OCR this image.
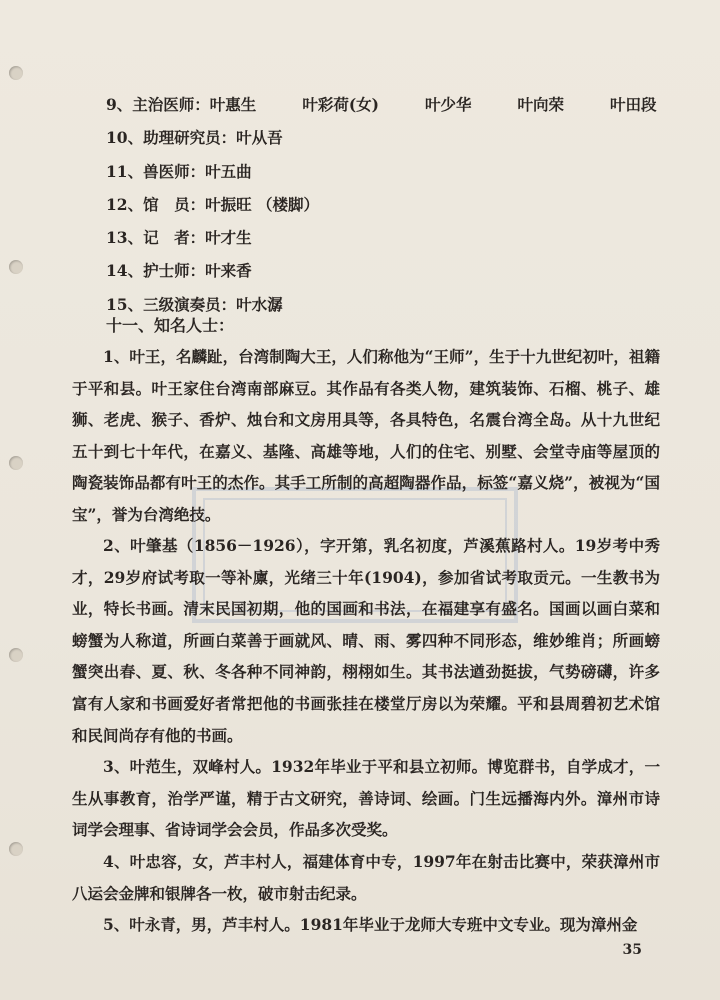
9、主治医师：叶惠生	叶彩荷(女)	叶少华	叶向荣	叶田段
10、助理研究员：叶从吾
11、兽医师：叶五曲
12、馆　员：叶振旺 （楼脚）
13、记　者：叶才生
14、护士师：叶来香
15、三级演奏员：叶水潺
十一、知名人士：
1、叶王，名麟趾，台湾制陶大王，人们称他为“王师”，生于十九世纪初叶，祖籍于平和县。叶王家住台湾南部麻豆。其作品有各类人物，建筑装饰、石榴、桃子、雄狮、老虎、猴子、香炉、烛台和文房用具等，各具特色，名震台湾全岛。从十九世纪五十到七十年代，在嘉义、基隆、高雄等地，人们的住宅、别墅、会堂寺庙等屋顶的陶瓷装饰品都有叶王的杰作。其手工所制的高超陶器作品，标签“嘉义烧”，被视为“国宝”，誉为台湾绝技。
2、叶肇基（1856－1926），字开第，乳名初度，芦溪蕉路村人。19岁考中秀才，29岁府试考取一等补廪，光绪三十年(1904)，参加省试考取贡元。一生教书为业，特长书画。清末民国初期，他的国画和书法，在福建享有盛名。国画以画白菜和螃蟹为人称道，所画白菜善于画就风、晴、雨、雾四种不同形态，维妙维肖；所画螃蟹突出春、夏、秋、冬各种不同神韵，栩栩如生。其书法遒劲挺拔，气势磅礴，许多富有人家和书画爱好者常把他的书画张挂在楼堂厅房以为荣耀。平和县周碧初艺术馆和民间尚存有他的书画。
3、叶范生，双峰村人。1932年毕业于平和县立初师。博览群书，自学成才，一生从事教育，治学严谨，精于古文研究，善诗词、绘画。门生远播海内外。漳州市诗词学会理事、省诗词学会会员，作品多次受奖。
4、叶忠容，女，芦丰村人，福建体育中专，1997年在射击比赛中，荣获漳州市八运会金牌和银牌各一枚，破市射击纪录。
5、叶永青，男，芦丰村人。1981年毕业于龙师大专班中文专业。现为漳州金
35
